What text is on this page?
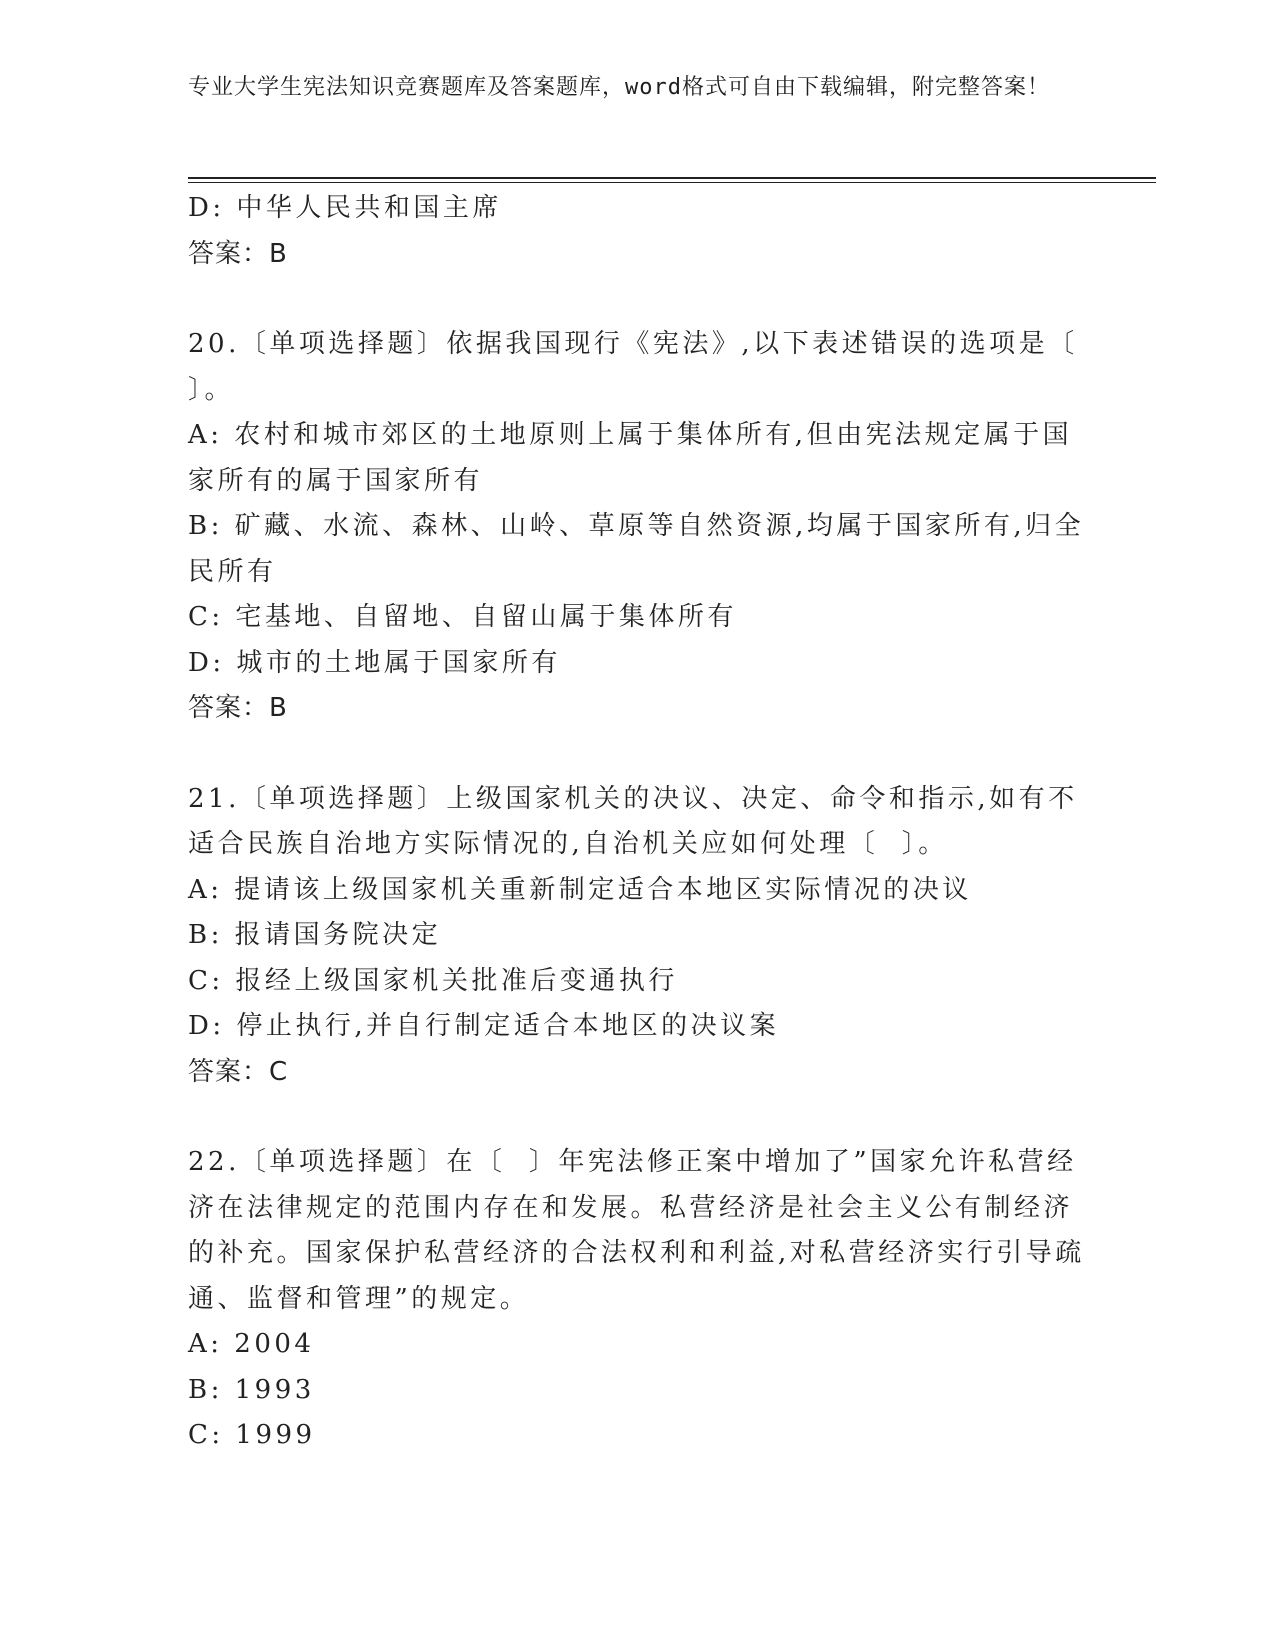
专业大学生宪法知识竞赛题库及答案题库，word格式可自由下载编辑，附完整答案！

D: 中华人民共和国主席

答案：B

20.〔单项选择题〕依据我国现行《宪法》,以下表述错误的选项是〔 〕。

A: 农村和城市郊区的土地原则上属于集体所有,但由宪法规定属于国家所有的属于国家所有

B: 矿藏、水流、森林、山岭、草原等自然资源,均属于国家所有,归全民所有

C: 宅基地、自留地、自留山属于集体所有

D: 城市的土地属于国家所有

答案：B

21.〔单项选择题〕上级国家机关的决议、决定、命令和指示,如有不适合民族自治地方实际情况的,自治机关应如何处理〔  〕。

A: 提请该上级国家机关重新制定适合本地区实际情况的决议

B: 报请国务院决定

C: 报经上级国家机关批准后变通执行

D: 停止执行,并自行制定适合本地区的决议案

答案：C

22.〔单项选择题〕在〔  〕年宪法修正案中增加了”国家允许私营经济在法律规定的范围内存在和发展。私营经济是社会主义公有制经济的补充。国家保护私营经济的合法权利和利益,对私营经济实行引导疏通、监督和管理”的规定。

A: 2004

B: 1993

C: 1999
